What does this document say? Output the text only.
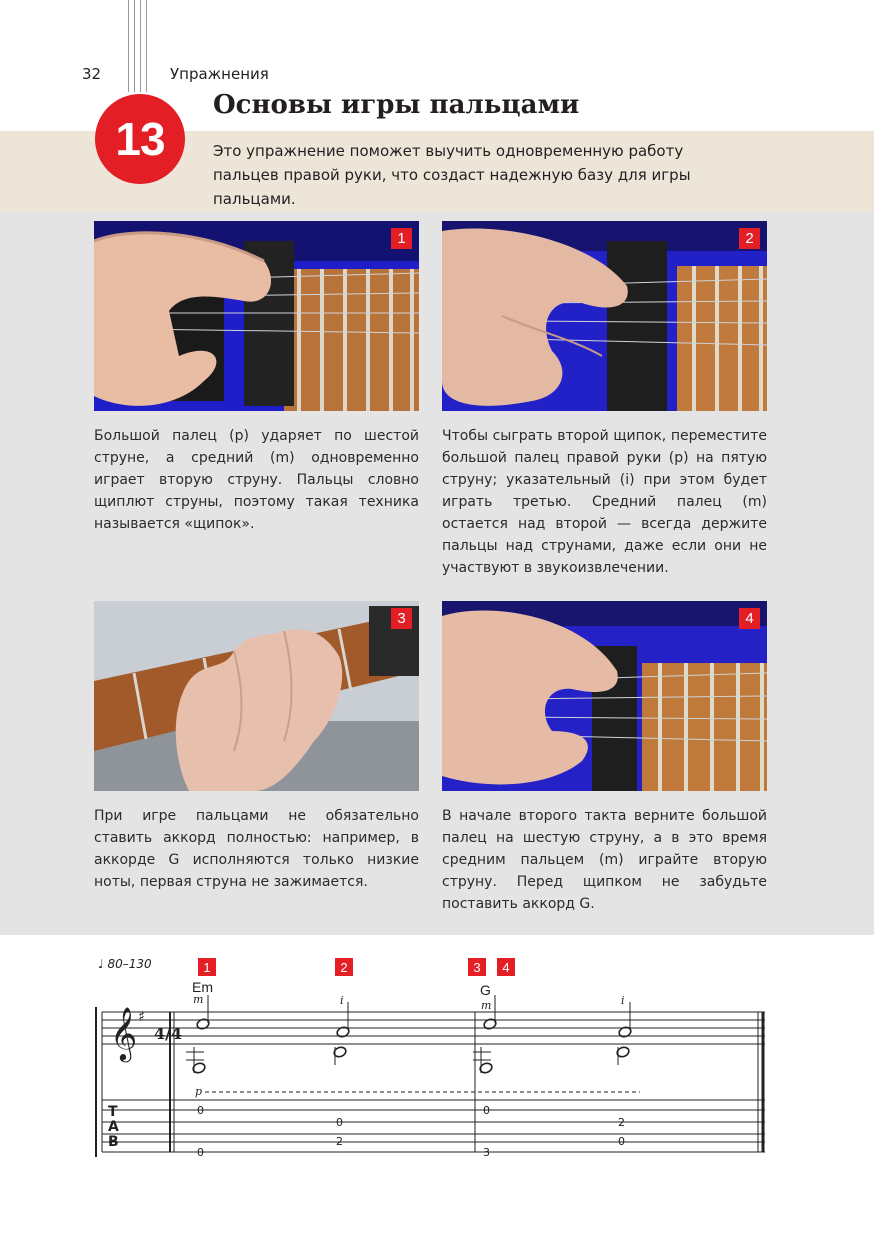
32	Упражнения
13
Основы игры пальцами
Это упражнение поможет выучить одновременную работу пальцев правой руки, что создаст надежную базу для игры пальцами.
1	2
Большой палец (p) ударяет по шестой струне, а средний (m) одновременно играет вторую струну. Пальцы словно щиплют струны, поэтому такая техника называется «щипок».
Чтобы сыграть второй щипок, переместите большой палец правой руки (p) на пятую струну; указательный (i) при этом будет играть третью. Средний палец (m) остается над второй — всегда держите пальцы над струнами, даже если они не участвуют в звукоизвлечении.
3	4
При игре пальцами не обязательно ставить аккорд полностью: например, в аккорде G исполняются только низкие ноты, первая струна не зажимается.
В начале второго такта верните большой палец на шестую струну, а в это время средним пальцем (m) играйте вторую струну. Перед щипком не забудьте поставить аккорд G.
♩ 80–130	1	2	3	4
Em	G
𝄞 ♯
4/4
m	i	m	i
p
T
A
B
0
0
2
0
0
2
0
3
